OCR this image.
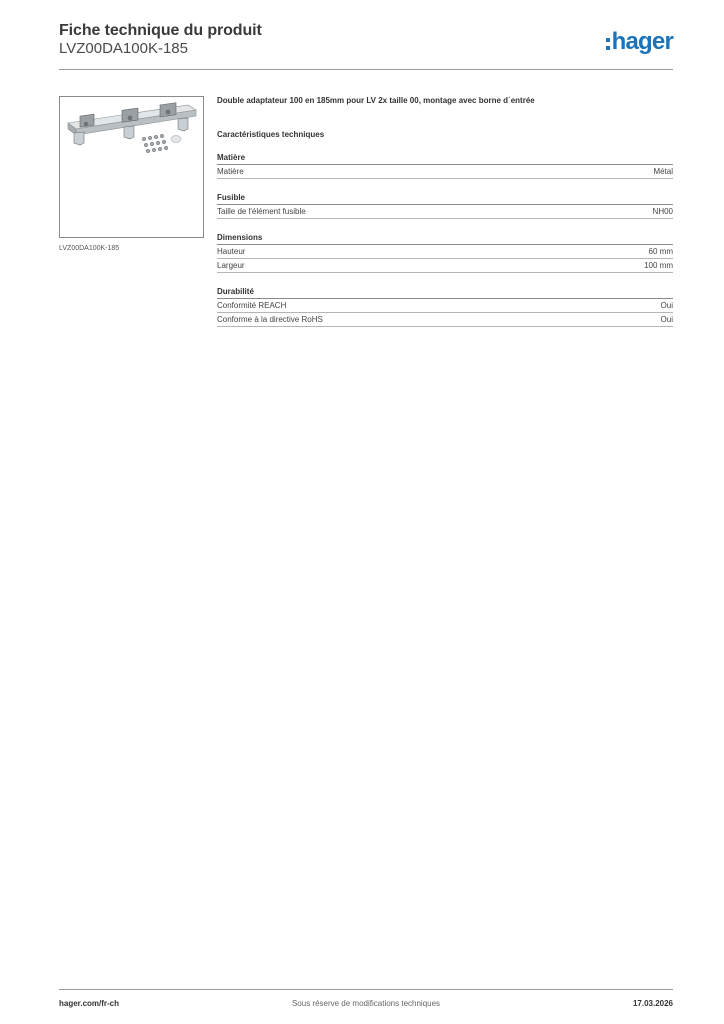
Fiche technique du produit
LVZ00DA100K-185	hager
LVZ00DA100K-185
Double adaptateur 100 en 185mm pour LV 2x taille 00, montage avec borne d´entrée
Caractéristiques techniques
Matière
Matière	Métal
Fusible
Taille de l'élément fusible	NH00
Dimensions
Hauteur	60 mm
Largeur	100 mm
Durabilité
Conformité REACH	Oui
Conforme à la directive RoHS	Oui
hager.com/fr-ch	Sous réserve de modifications techniques	17.03.2026
